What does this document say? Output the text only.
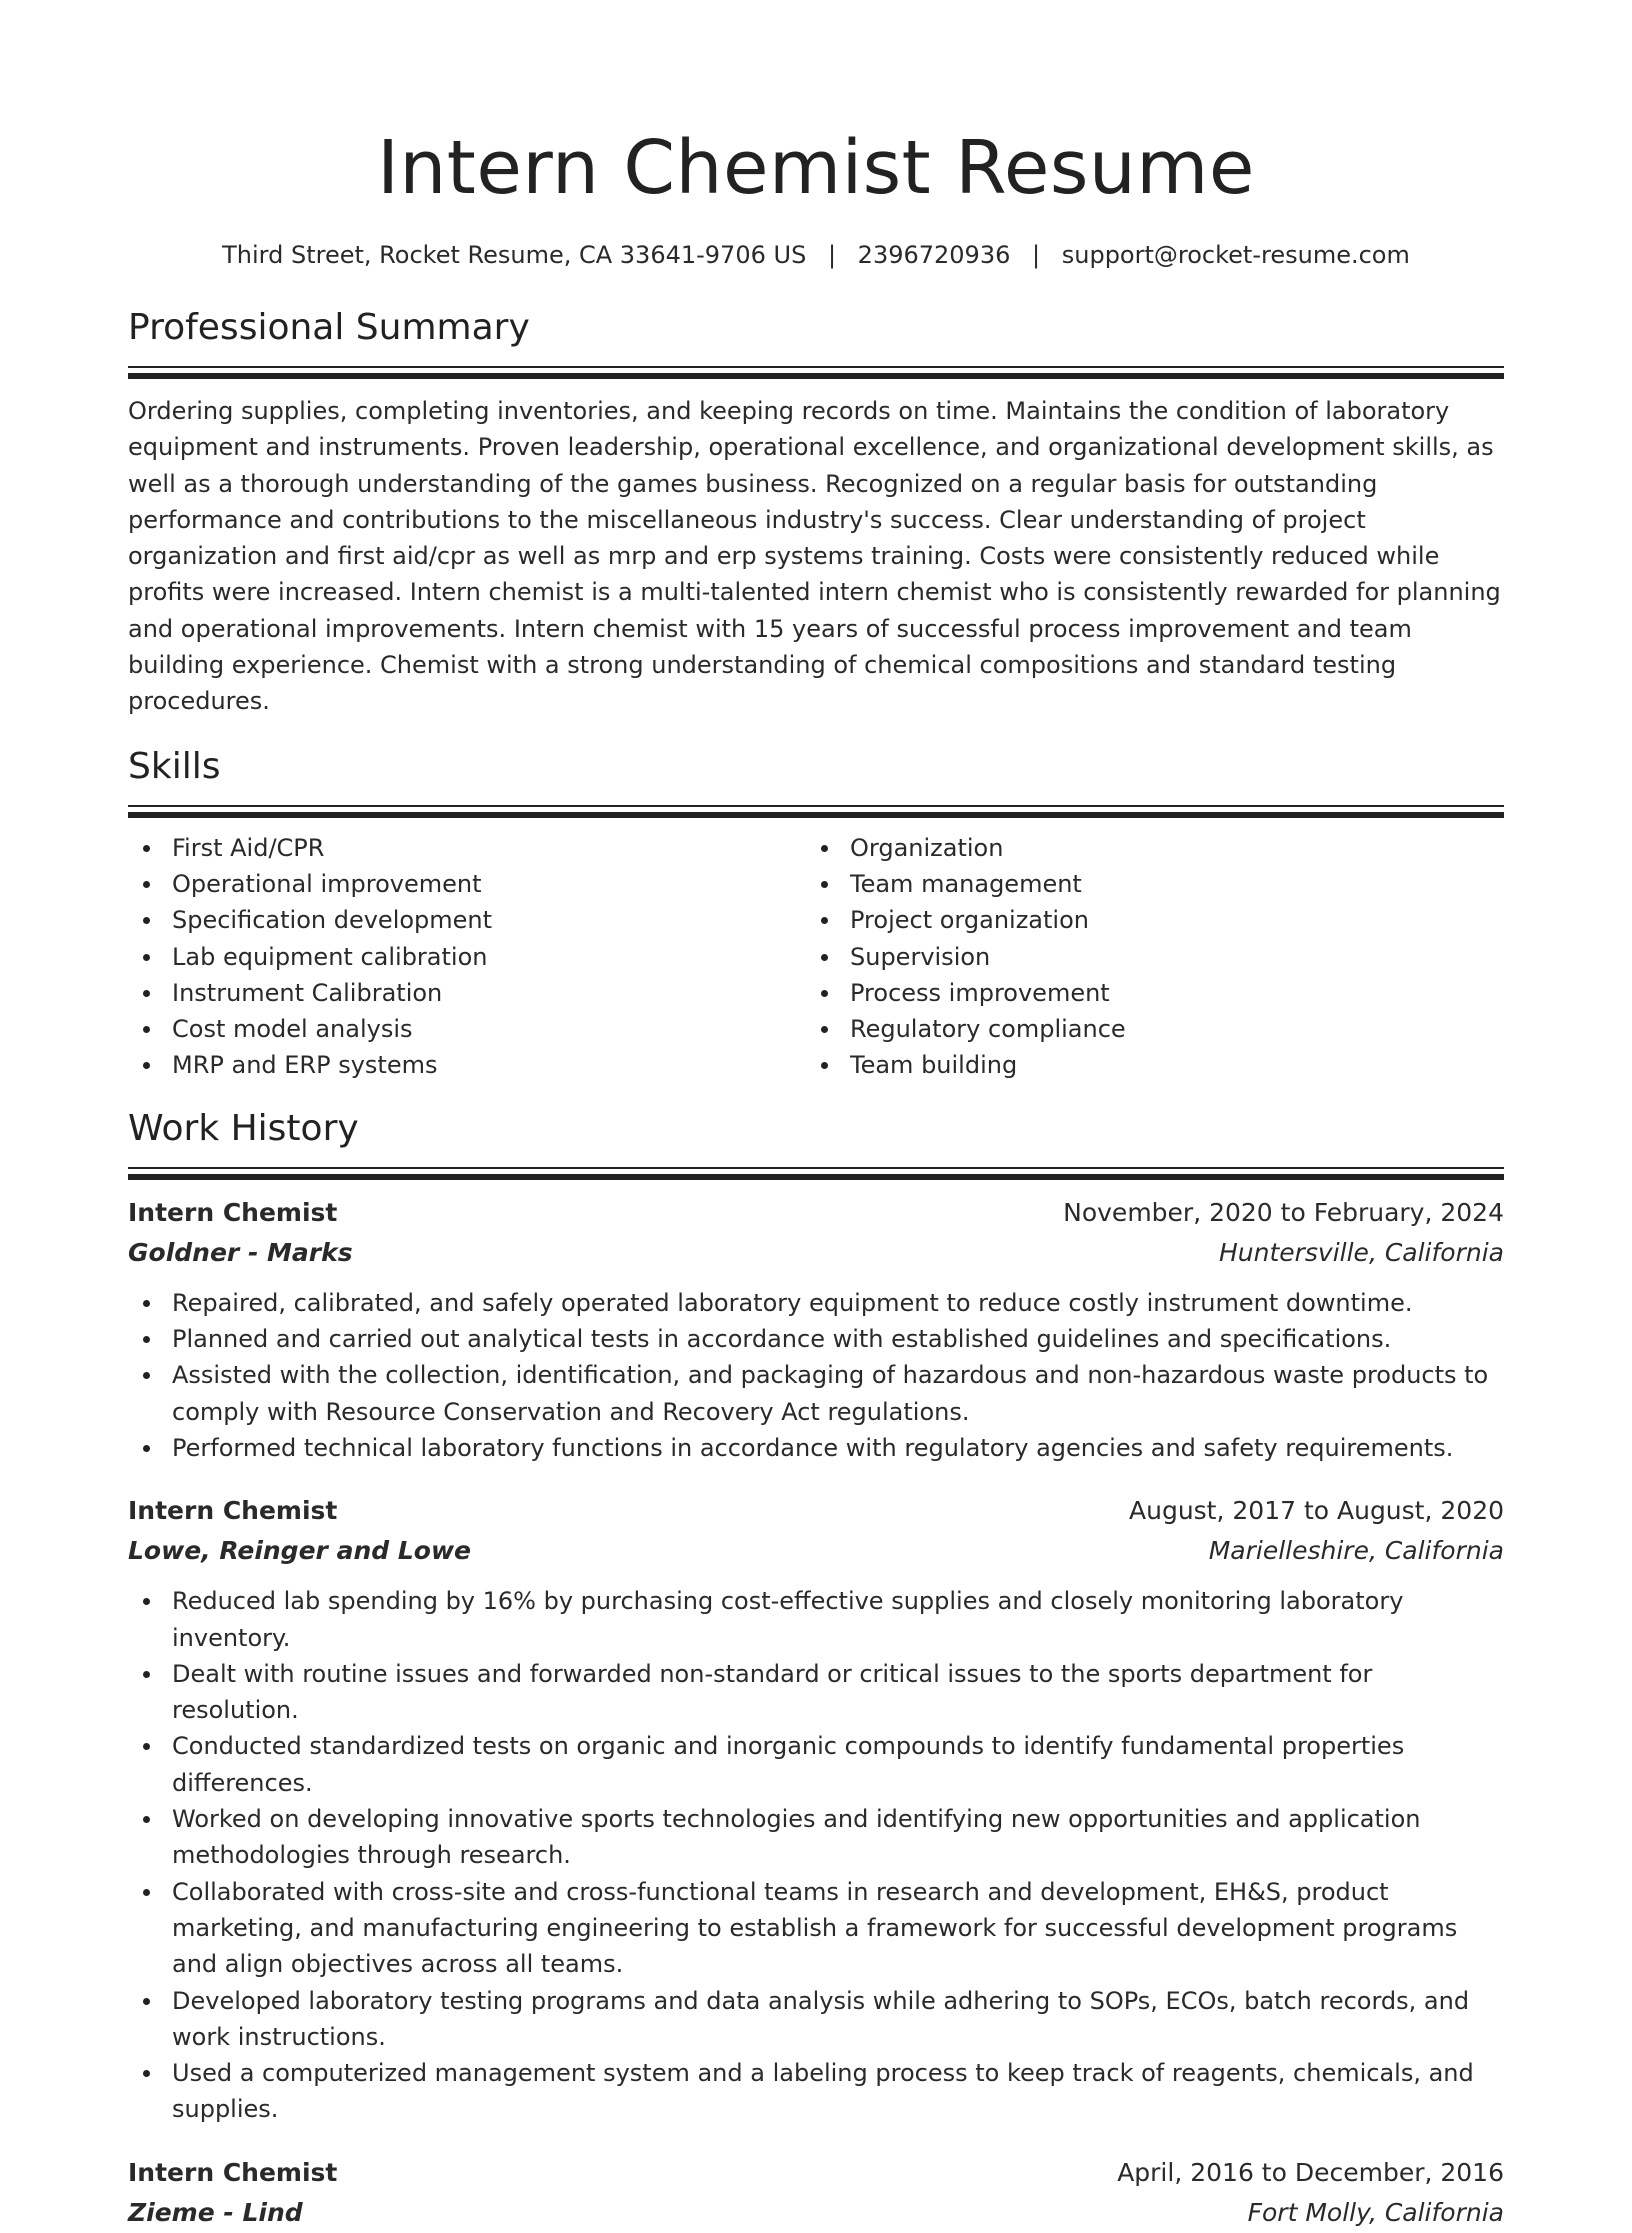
Intern Chemist Resume
Third Street, Rocket Resume, CA 33641-9706 US | 2396720936 | support@rocket-resume.com
Professional Summary

Ordering supplies, completing inventories, and keeping records on time. Maintains the condition of laboratory equipment and instruments. Proven leadership, operational excellence, and organizational development skills, as well as a thorough understanding of the games business. Recognized on a regular basis for outstanding performance and contributions to the miscellaneous industry's success. Clear understanding of project organization and first aid/cpr as well as mrp and erp systems training. Costs were consistently reduced while profits were increased. Intern chemist is a multi-talented intern chemist who is consistently rewarded for planning and operational improvements. Intern chemist with 15 years of successful process improvement and team building experience. Chemist with a strong understanding of chemical compositions and standard testing procedures.

Skills
First Aid/CPR
Operational improvement
Specification development
Lab equipment calibration
Instrument Calibration
Cost model analysis
MRP and ERP systems
Organization
Team management
Project organization
Supervision
Process improvement
Regulatory compliance
Team building
Work History
Intern Chemist	November, 2020 to February, 2024
Goldner - Marks	Huntersville, California
Repaired, calibrated, and safely operated laboratory equipment to reduce costly instrument downtime.
Planned and carried out analytical tests in accordance with established guidelines and specifications.
Assisted with the collection, identification, and packaging of hazardous and non-hazardous waste products to comply with Resource Conservation and Recovery Act regulations.
Performed technical laboratory functions in accordance with regulatory agencies and safety requirements.
Intern Chemist	August, 2017 to August, 2020
Lowe, Reinger and Lowe	Marielleshire, California
Reduced lab spending by 16% by purchasing cost-effective supplies and closely monitoring laboratory inventory.
Dealt with routine issues and forwarded non-standard or critical issues to the sports department for resolution.
Conducted standardized tests on organic and inorganic compounds to identify fundamental properties differences.
Worked on developing innovative sports technologies and identifying new opportunities and application methodologies through research.
Collaborated with cross-site and cross-functional teams in research and development, EH&S, product marketing, and manufacturing engineering to establish a framework for successful development programs and align objectives across all teams.
Developed laboratory testing programs and data analysis while adhering to SOPs, ECOs, batch records, and work instructions.
Used a computerized management system and a labeling process to keep track of reagents, chemicals, and supplies.
Intern Chemist	April, 2016 to December, 2016
Zieme - Lind	Fort Molly, California
